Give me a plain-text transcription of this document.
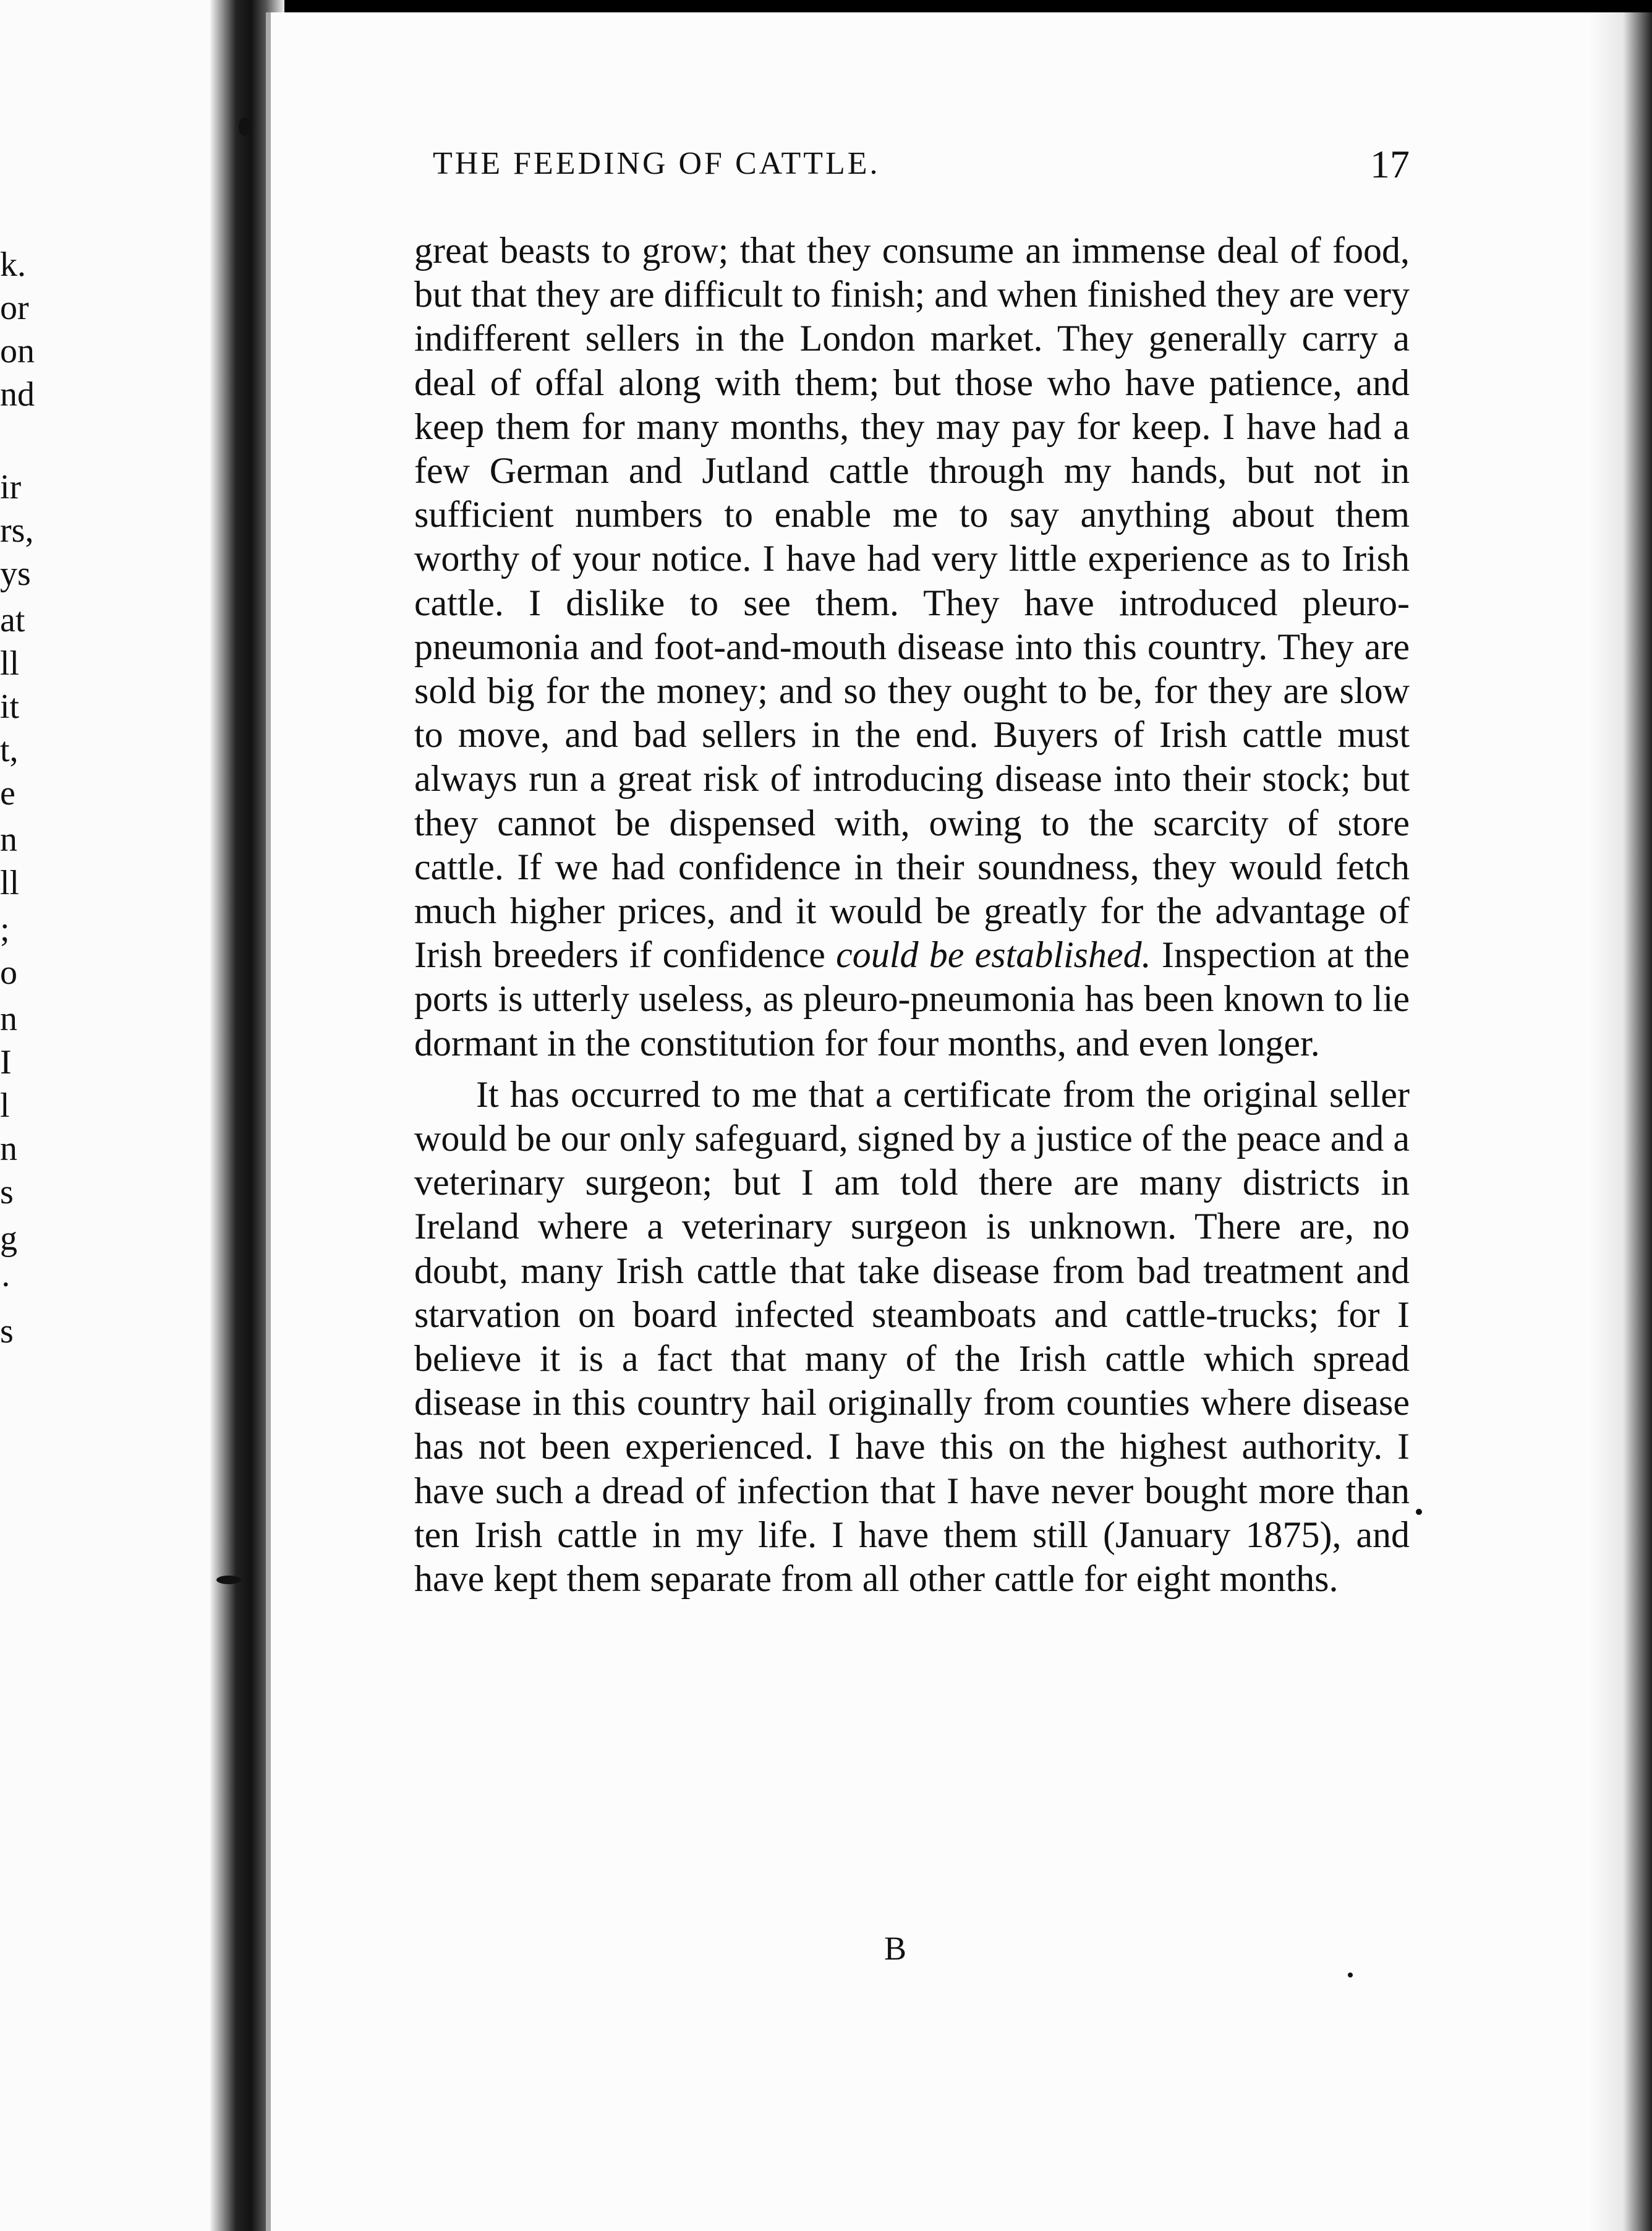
k.
or
on
nd
ir
rs,
ys
at
ll
it
t,
e
n
ll
;
o
n
I
l
n
s
g
·
s
THE FEEDING OF CATTLE.	17

great beasts to grow; that they consume an immense deal of food, but that they are difficult to finish; and when finished they are very indifferent sellers in the London market. They generally carry a deal of offal along with them; but those who have patience, and keep them for many months, they may pay for keep. I have had a few German and Jutland cattle through my hands, but not in sufficient numbers to enable me to say anything about them worthy of your notice. I have had very little experience as to Irish cattle. I dislike to see them. They have introduced pleuro-pneumonia and foot-and-mouth disease into this country. They are sold big for the money; and so they ought to be, for they are slow to move, and bad sellers in the end. Buyers of Irish cattle must always run a great risk of introducing disease into their stock; but they cannot be dispensed with, owing to the scarcity of store cattle. If we had confidence in their soundness, they would fetch much higher prices, and it would be greatly for the advantage of Irish breeders if confidence could be established. Inspection at the ports is utterly useless, as pleuro-pneumonia has been known to lie dormant in the constitution for four months, and even longer.

It has occurred to me that a certificate from the original seller would be our only safeguard, signed by a justice of the peace and a veterinary surgeon; but I am told there are many districts in Ireland where a veterinary surgeon is unknown. There are, no doubt, many Irish cattle that take disease from bad treatment and starvation on board infected steamboats and cattle-trucks; for I believe it is a fact that many of the Irish cattle which spread disease in this country hail originally from counties where disease has not been experienced. I have this on the highest authority. I have such a dread of infection that I have never bought more than ten Irish cattle in my life. I have them still (January 1875), and have kept them separate from all other cattle for eight months.

B
